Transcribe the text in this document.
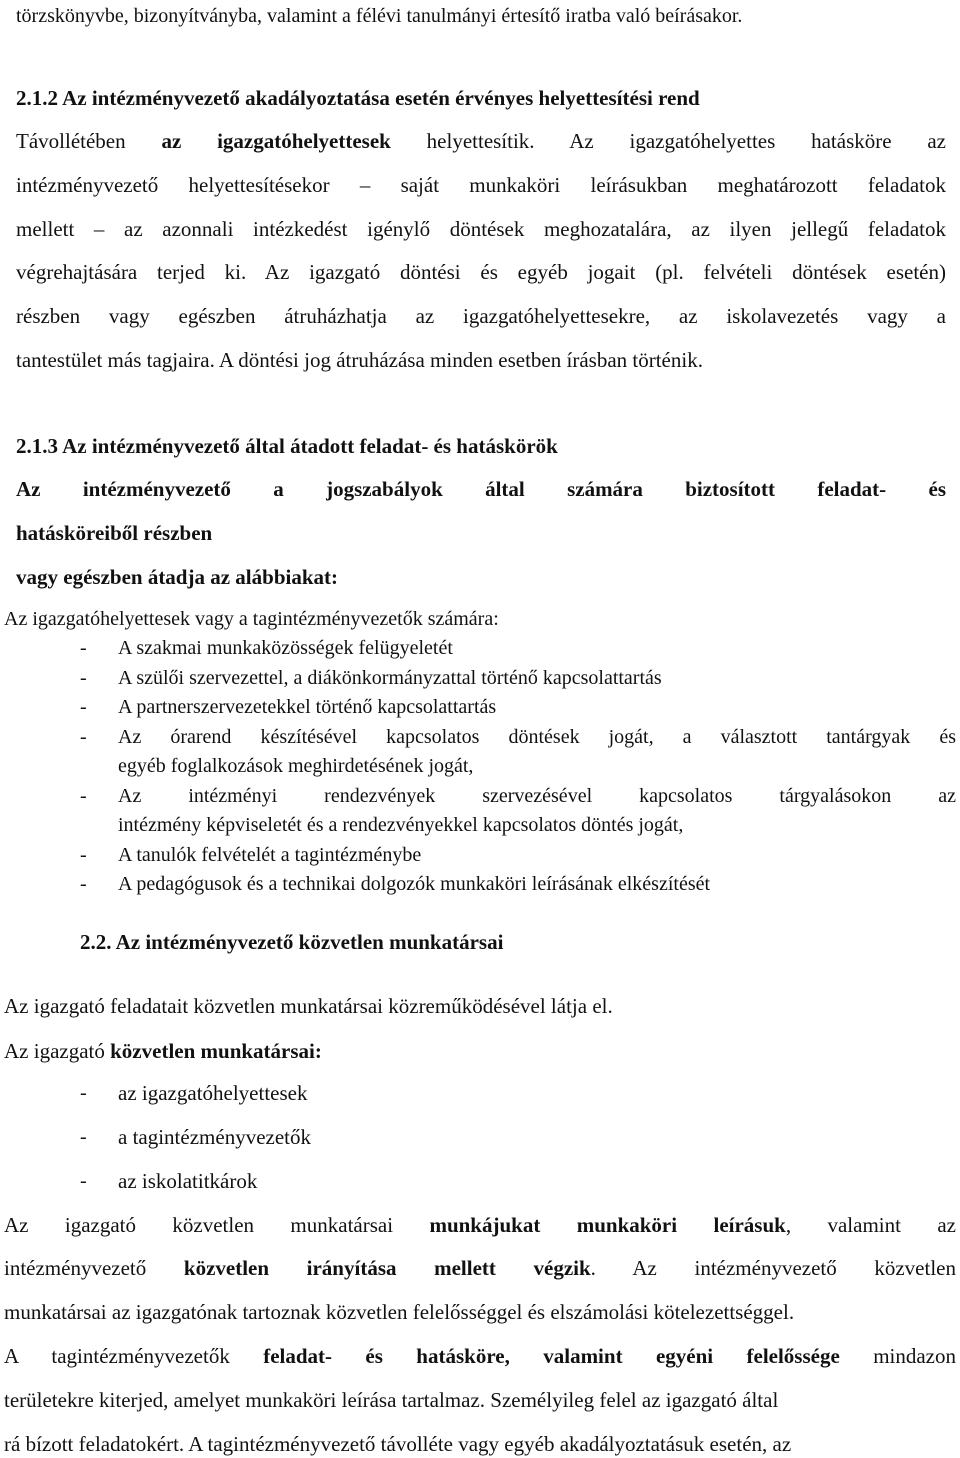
törzskönyvbe, bizonyítványba, valamint a félévi tanulmányi értesítő iratba való beírásakor.

2.1.2 Az intézményvezető akadályoztatása esetén érvényes helyettesítési rend

Távollétében az igazgatóhelyettesek helyettesítik. Az igazgatóhelyettes hatásköre az

intézményvezető helyettesítésekor – saját munkaköri leírásukban meghatározott feladatok

mellett – az azonnali intézkedést igénylő döntések meghozatalára, az ilyen jellegű feladatok

végrehajtására terjed ki. Az igazgató döntési és egyéb jogait (pl. felvételi döntések esetén)

részben vagy egészben átruházhatja az igazgatóhelyettesekre, az iskolavezetés vagy a

tantestület más tagjaira. A döntési jog átruházása minden esetben írásban történik.

2.1.3 Az intézményvezető által átadott feladat- és hatáskörök

Az intézményvezető a jogszabályok által számára biztosított feladat- és

hatásköreiből részben

vagy egészben átadja az alábbiakat:

Az igazgatóhelyettesek vagy a tagintézményvezetők számára:

- A szakmai munkaközösségek felügyeletét

- A szülői szervezettel, a diákönkormányzattal történő kapcsolattartás

- A partnerszervezetekkel történő kapcsolattartás

- Az órarend készítésével kapcsolatos döntések jogát, a választott tantárgyak és

egyéb foglalkozások meghirdetésének jogát,

- Az intézményi rendezvények szervezésével kapcsolatos tárgyalásokon az

intézmény képviseletét és a rendezvényekkel kapcsolatos döntés jogát,

- A tanulók felvételét a tagintézménybe

- A pedagógusok és a technikai dolgozók munkaköri leírásának elkészítését

2.2. Az intézményvezető közvetlen munkatársai

Az igazgató feladatait közvetlen munkatársai közreműködésével látja el.

Az igazgató közvetlen munkatársai:

- az igazgatóhelyettesek

- a tagintézményvezetők

- az iskolatitkárok

Az igazgató közvetlen munkatársai munkájukat munkaköri leírásuk, valamint az

intézményvezető közvetlen irányítása mellett végzik. Az intézményvezető közvetlen

munkatársai az igazgatónak tartoznak közvetlen felelősséggel és elszámolási kötelezettséggel.

A tagintézményvezetők feladat- és hatásköre, valamint egyéni felelőssége mindazon

területekre kiterjed, amelyet munkaköri leírása tartalmaz. Személyileg felel az igazgató által

rá bízott feladatokért. A tagintézményvezető távolléte vagy egyéb akadályoztatásuk esetén, az
